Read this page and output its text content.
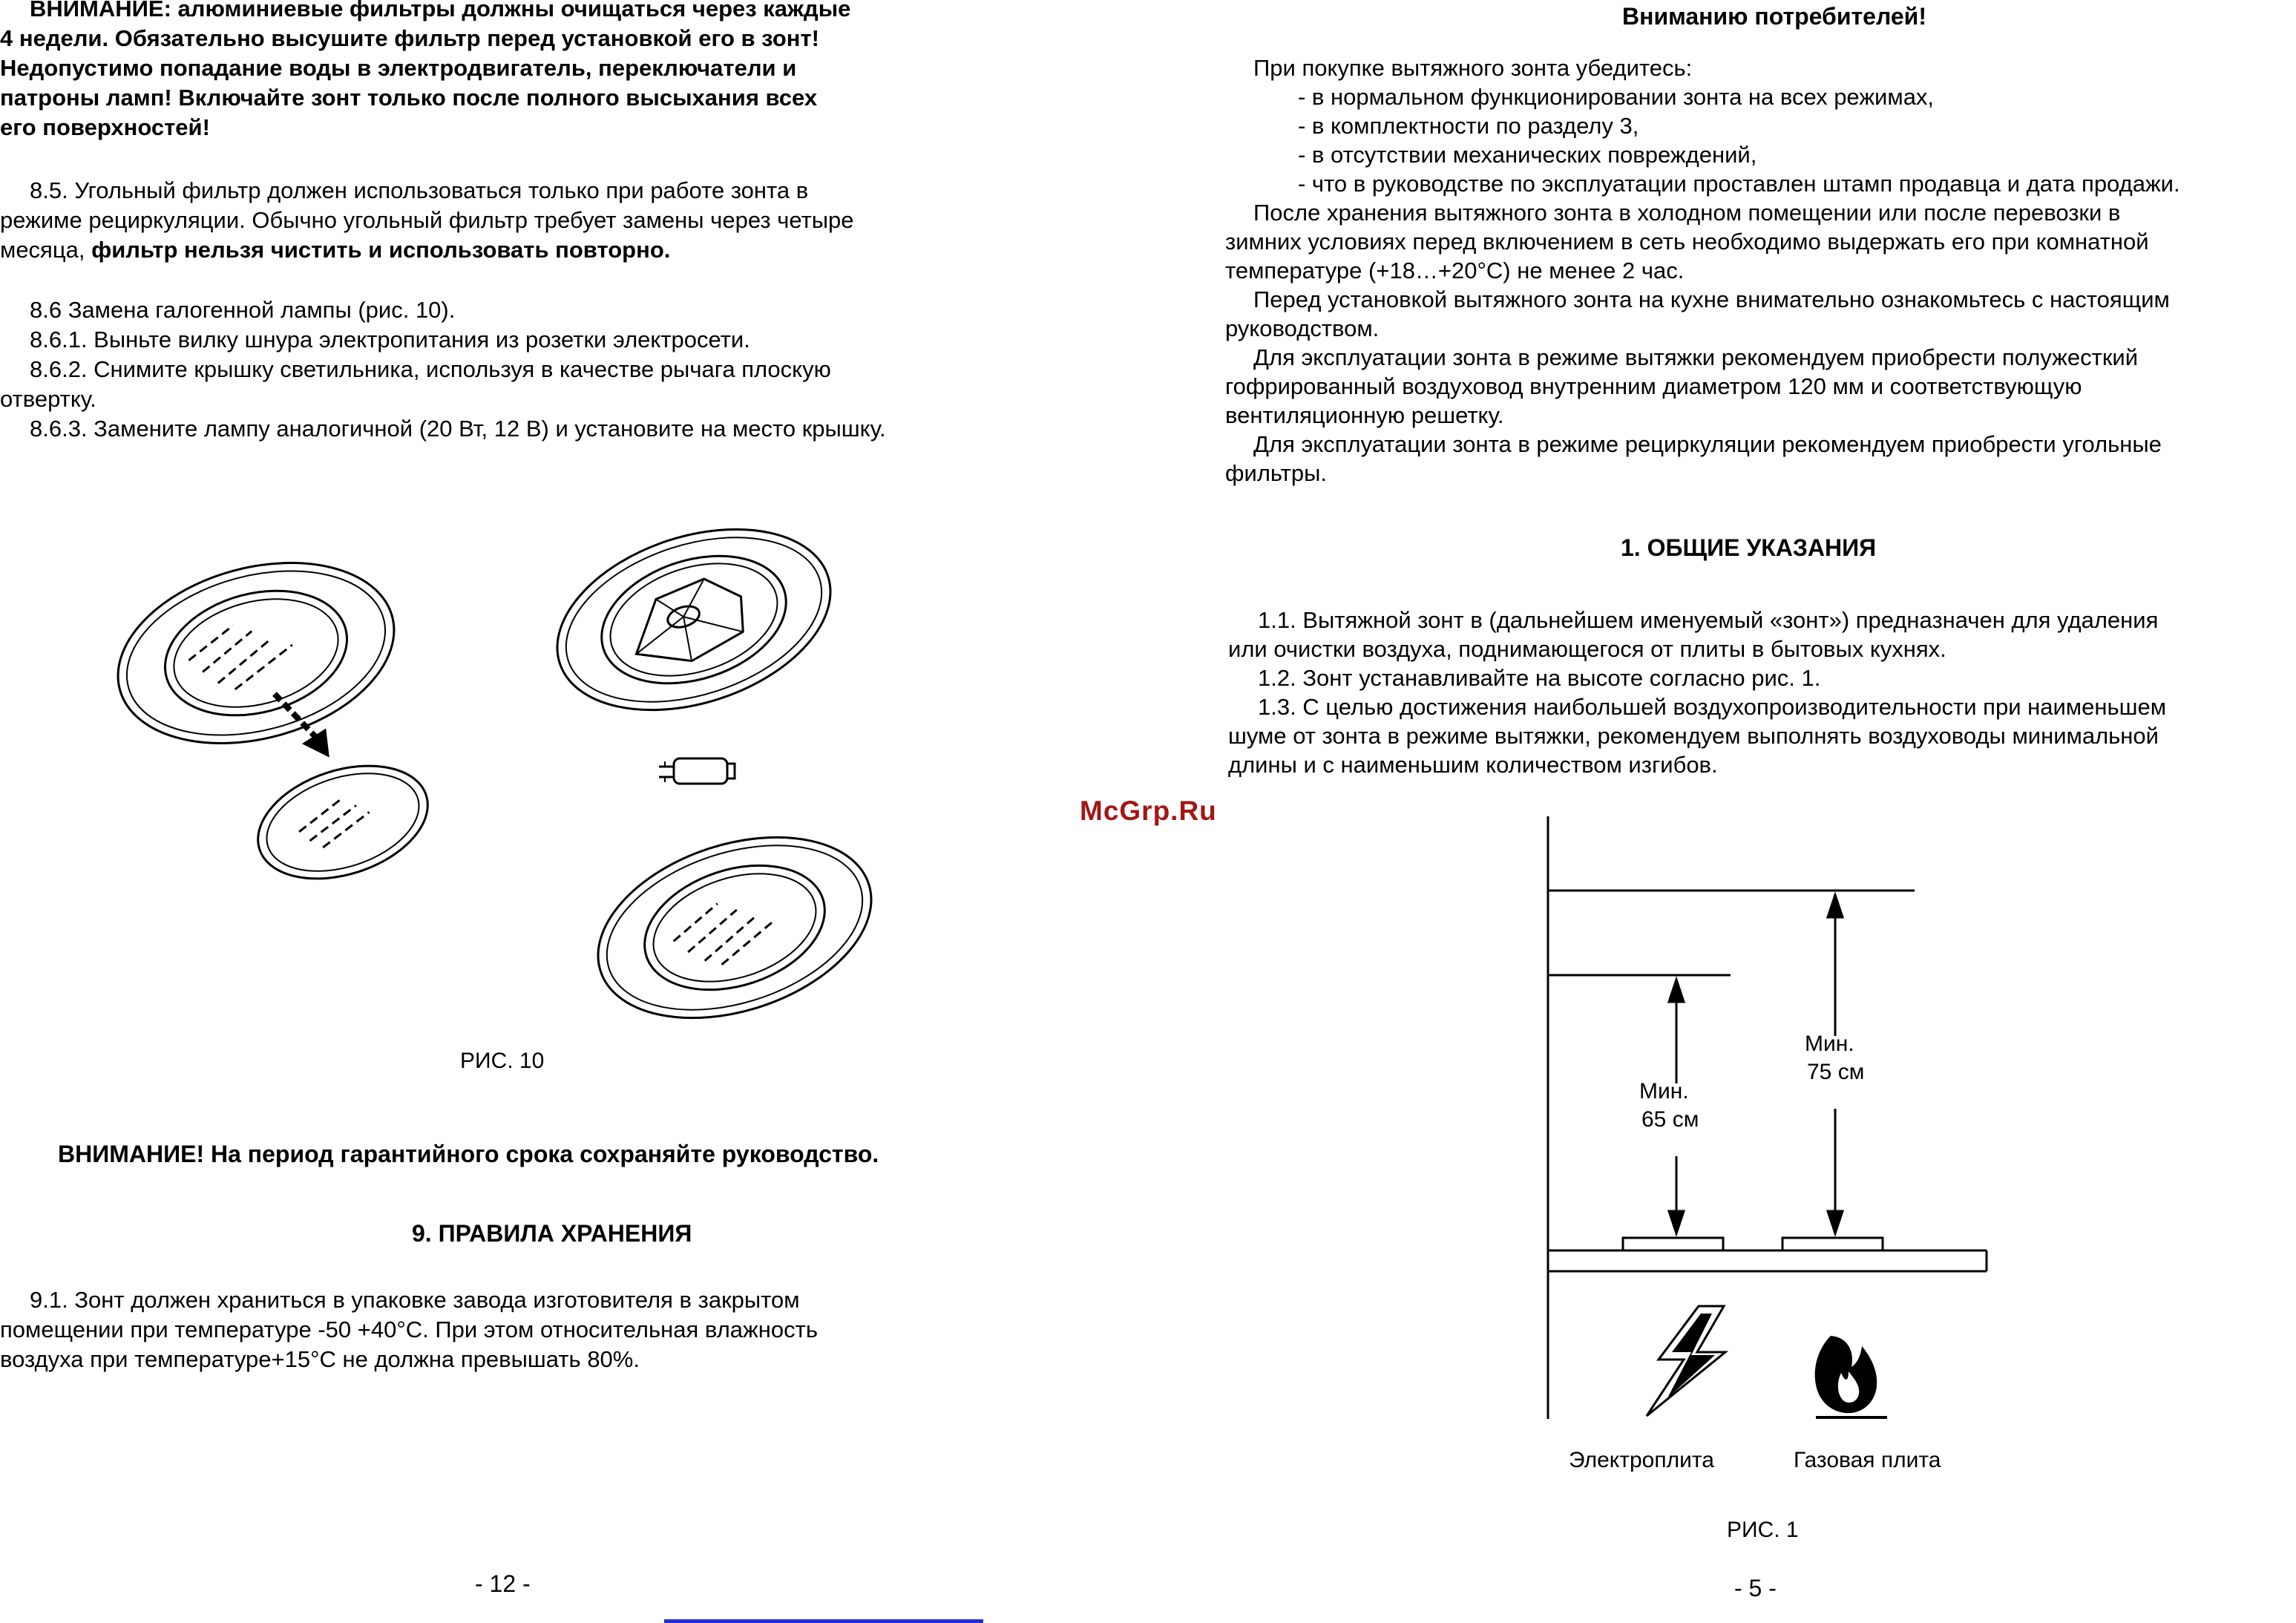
ВНИМАНИЕ: алюминиевые фильтры должны очищаться через каждые
4 недели. Обязательно высушите фильтр перед установкой его в зонт!
Недопустимо попадание воды в электродвигатель, переключатели и
патроны ламп! Включайте зонт только после полного высыхания всех
его поверхностей!
8.5. Угольный фильтр должен использоваться только при работе зонта в
режиме рециркуляции. Обычно угольный фильтр требует замены через четыре
месяца, фильтр нельзя чистить и использовать повторно.
8.6 Замена галогенной лампы (рис. 10).
8.6.1. Выньте вилку шнура электропитания из розетки электросети.
8.6.2. Снимите крышку светильника, используя в качестве рычага плоскую
отвертку.
8.6.3. Замените лампу аналогичной (20 Вт, 12 В) и установите на место крышку.
РИС. 10
ВНИМАНИЕ! На период гарантийного срока сохраняйте руководство.
9. ПРАВИЛА ХРАНЕНИЯ
9.1. Зонт должен храниться в упаковке завода изготовителя в закрытом
помещении при температуре -50 +40°С. При этом относительная влажность
воздуха при температуре+15°С не должна превышать 80%.
- 12 -
McGrp.Ru
Вниманию потребителей!
При покупке вытяжного зонта убедитесь:
- в нормальном функционировании зонта на всех режимах,
- в комплектности по разделу 3,
- в отсутствии механических повреждений,
- что в руководстве по эксплуатации проставлен штамп продавца и дата продажи.
После хранения вытяжного зонта в холодном помещении или после перевозки в
зимних условиях перед включением в сеть необходимо выдержать его при комнатной
температуре (+18…+20°С) не менее 2 час.
Перед установкой вытяжного зонта на кухне внимательно ознакомьтесь с настоящим
руководством.
Для эксплуатации зонта в режиме вытяжки рекомендуем приобрести полужесткий
гофрированный воздуховод внутренним диаметром 120 мм и соответствующую
вентиляционную решетку.
Для эксплуатации зонта в режиме рециркуляции рекомендуем приобрести угольные
фильтры.
1. ОБЩИЕ УКАЗАНИЯ
1.1. Вытяжной зонт в (дальнейшем именуемый «зонт») предназначен для удаления
или очистки воздуха, поднимающегося от плиты в бытовых кухнях.
1.2. Зонт устанавливайте на высоте согласно рис. 1.
1.3. С целью достижения наибольшей воздухопроизводительности при наименьшем
шуме от зонта в режиме вытяжки, рекомендуем выполнять воздуховоды минимальной
длины и с наименьшим количеством изгибов.
Мин.
65 см
Мин.
75 см
Электроплита	Газовая плита
РИС. 1
- 5 -
